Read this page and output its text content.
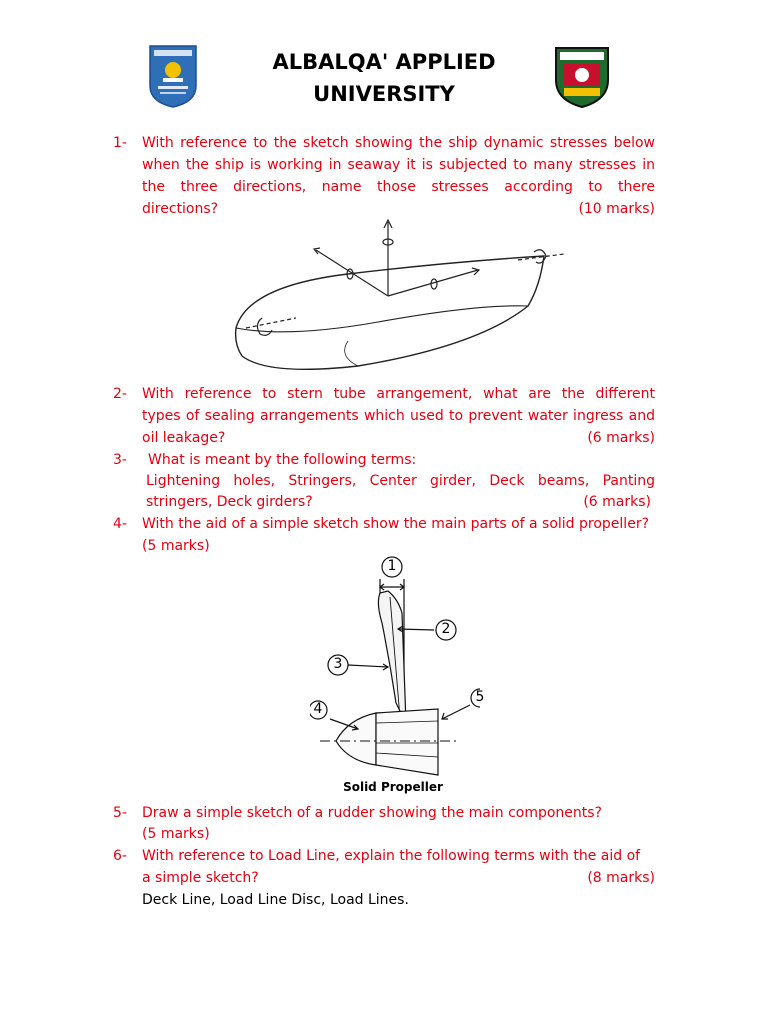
ALBALQA' APPLIED
UNIVERSITY
1- With reference to the sketch showing the ship dynamic stresses below
when the ship is working in seaway it is subjected to many stresses in
the three directions, name those stresses according to there
directions?	(10 marks)
2- With reference to stern tube arrangement, what are the different
types of sealing arrangements which used to prevent water ingress and
oil leakage?	(6 marks)
3- What is meant by the following terms:
Lightening holes, Stringers, Center girder, Deck beams, Panting
stringers, Deck girders?	(6 marks)
4- With the aid of a simple sketch show the main parts of a solid propeller?
(5 marks)
1
2
3
4
5
Solid Propeller
5- Draw a simple sketch of a rudder showing the main components?
(5 marks)
6- With reference to Load Line, explain the following terms with the aid of
a simple sketch?	(8 marks)
Deck Line, Load Line Disc, Load Lines.
